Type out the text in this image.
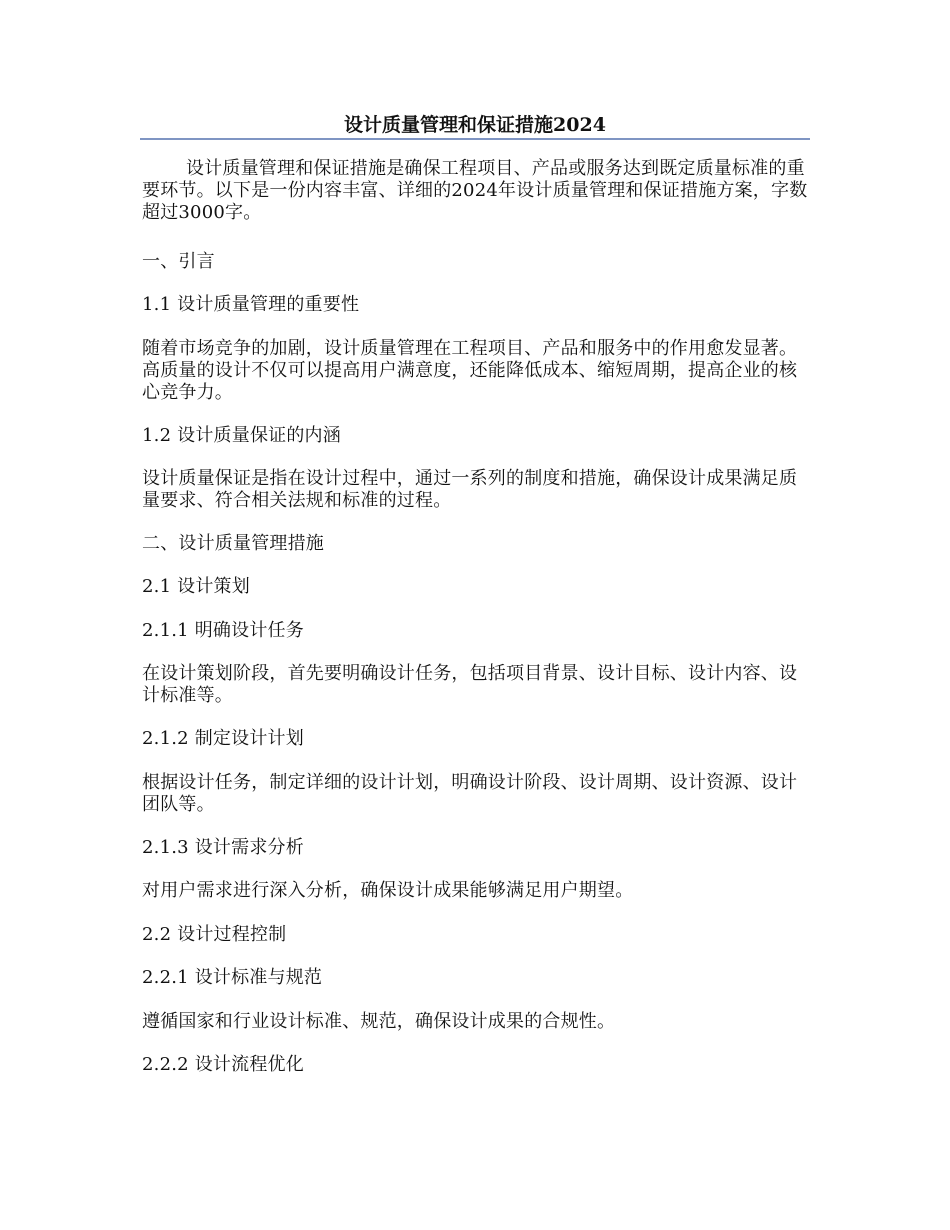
设计质量管理和保证措施2024

设计质量管理和保证措施是确保工程项目、产品或服务达到既定质量标准的重要环节。以下是一份内容丰富、详细的2024年设计质量管理和保证措施方案，字数超过3000字。

一、引言

1.1 设计质量管理的重要性

随着市场竞争的加剧，设计质量管理在工程项目、产品和服务中的作用愈发显著。高质量的设计不仅可以提高用户满意度，还能降低成本、缩短周期，提高企业的核心竞争力。

1.2 设计质量保证的内涵

设计质量保证是指在设计过程中，通过一系列的制度和措施，确保设计成果满足质量要求、符合相关法规和标准的过程。

二、设计质量管理措施

2.1 设计策划

2.1.1 明确设计任务

在设计策划阶段，首先要明确设计任务，包括项目背景、设计目标、设计内容、设计标准等。

2.1.2 制定设计计划

根据设计任务，制定详细的设计计划，明确设计阶段、设计周期、设计资源、设计团队等。

2.1.3 设计需求分析

对用户需求进行深入分析，确保设计成果能够满足用户期望。

2.2 设计过程控制

2.2.1 设计标准与规范

遵循国家和行业设计标准、规范，确保设计成果的合规性。

2.2.2 设计流程优化
